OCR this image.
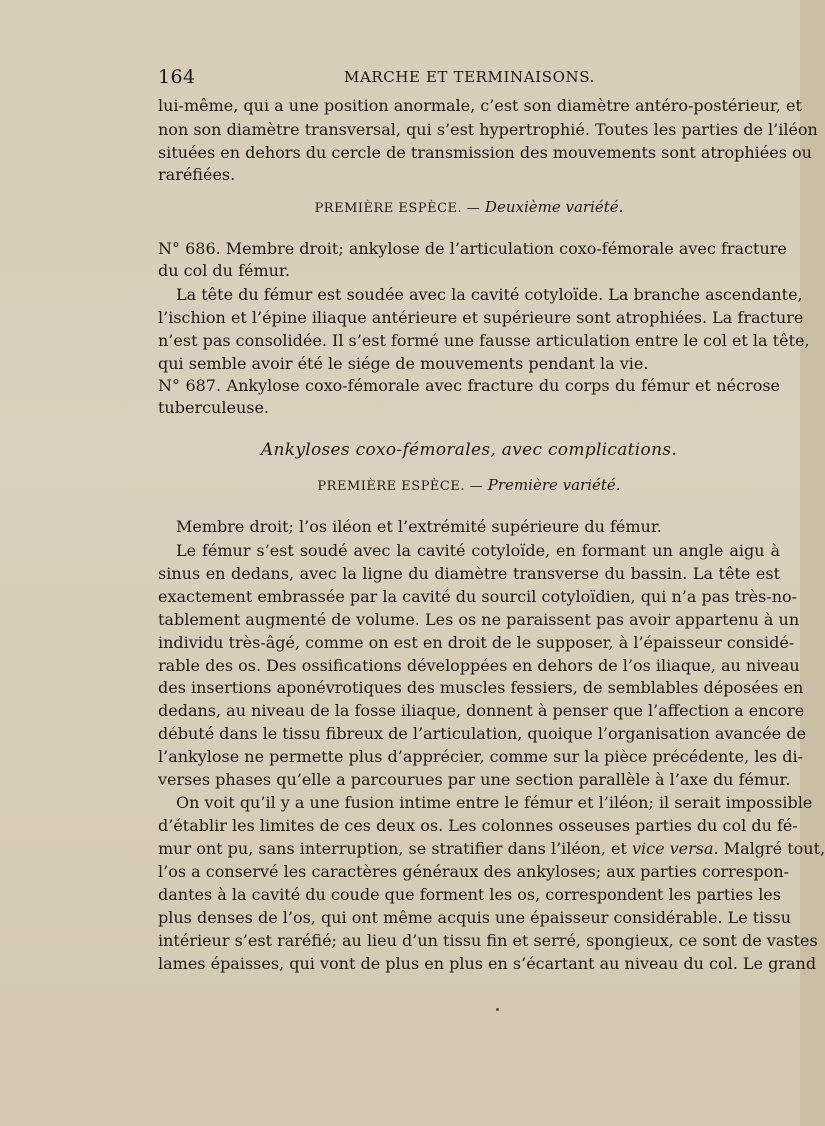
164	MARCHE ET TERMINAISONS.
lui-même, qui a une position anormale, c’est son diamètre antéro-postérieur, et
non son diamètre transversal, qui s’est hypertrophié. Toutes les parties de l’iléon
situées en dehors du cercle de transmission des mouvements sont atrophiées ou
raréfiées.
PREMIÈRE ESPÈCE. — Deuxième variété.
N° 686. Membre droit; ankylose de l’articulation coxo-fémorale avec fracture
du col du fémur.
La tête du fémur est soudée avec la cavité cotyloïde. La branche ascendante,
l’ischion et l’épine iliaque antérieure et supérieure sont atrophiées. La fracture
n’est pas consolidée. Il s’est formé une fausse articulation entre le col et la tête,
qui semble avoir été le siége de mouvements pendant la vie.
N° 687. Ankylose coxo-fémorale avec fracture du corps du fémur et nécrose
tuberculeuse.
Ankyloses coxo-fémorales, avec complications.
PREMIÈRE ESPÈCE. — Première variété.
Membre droit; l’os iléon et l’extrémité supérieure du fémur.
Le fémur s’est soudé avec la cavité cotyloïde, en formant un angle aigu à
sinus en dedans, avec la ligne du diamètre transverse du bassin. La tête est
exactement embrassée par la cavité du sourcil cotyloïdien, qui n’a pas très-no-
tablement augmenté de volume. Les os ne paraissent pas avoir appartenu à un
individu très-âgé, comme on est en droit de le supposer, à l’épaisseur considé-
rable des os. Des ossifications développées en dehors de l’os iliaque, au niveau
des insertions aponévrotiques des muscles fessiers, de semblables déposées en
dedans, au niveau de la fosse iliaque, donnent à penser que l’affection a encore
débuté dans le tissu fibreux de l’articulation, quoique l’organisation avancée de
l’ankylose ne permette plus d’apprécier, comme sur la pièce précédente, les di-
verses phases qu’elle a parcourues par une section parallèle à l’axe du fémur.
On voit qu’il y a une fusion intime entre le fémur et l’iléon; il serait impossible
d’établir les limites de ces deux os. Les colonnes osseuses parties du col du fé-
mur ont pu, sans interruption, se stratifier dans l’iléon, et vice versa. Malgré tout,
l’os a conservé les caractères généraux des ankyloses; aux parties correspon-
dantes à la cavité du coude que forment les os, correspondent les parties les
plus denses de l’os, qui ont même acquis une épaisseur considérable. Le tissu
intérieur s’est raréfié; au lieu d’un tissu fin et serré, spongieux, ce sont de vastes
lames épaisses, qui vont de plus en plus en s’écartant au niveau du col. Le grand
